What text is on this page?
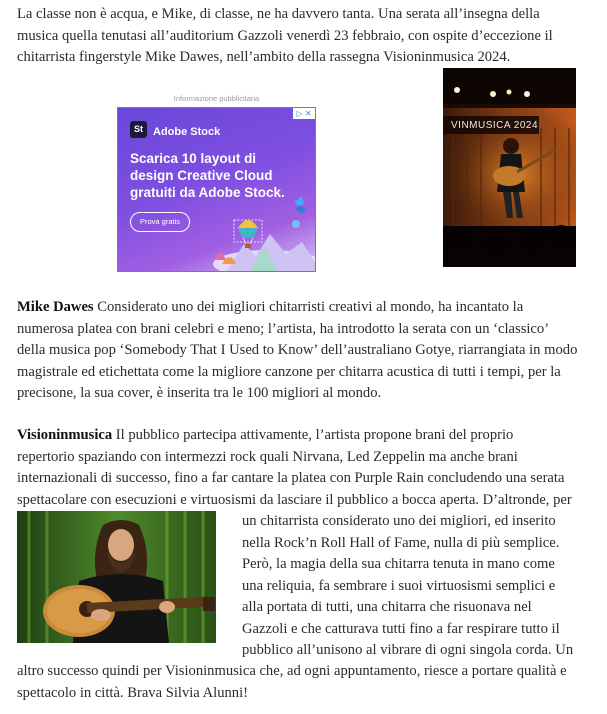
La classe non è acqua, e Mike, di classe, ne ha davvero tanta. Una serata all’insegna della
musica quella tenutasi all’auditorium Gazzoli venerdì 23 febbraio, con ospite d’eccezione il
chitarrista fingerstyle Mike Dawes, nell’ambito della rassegna Visioninmusica 2024.
Informazione pubblicitaria
▷ ✕
St Adobe Stock
Scarica 10 layout di design Creative Cloud gratuiti da Adobe Stock.
Prova gratis
VINMUSICA 2024
Mike Dawes Considerato uno dei migliori chitarristi creativi al mondo, ha incantato la
numerosa platea con brani celebri e meno; l’artista, ha introdotto la serata con un ‘classico’
della musica pop ‘Somebody That I Used to Know’ dell’australiano Gotye, riarrangiata in modo
magistrale ed etichettata come la migliore canzone per chitarra acustica di tutti i tempi, per la
precisone, la sua cover, è inserita tra le 100 migliori al mondo.
Visioninmusica Il pubblico partecipa attivamente, l’artista propone brani del proprio
repertorio spaziando con intermezzi rock quali Nirvana, Led Zeppelin ma anche brani
internazionali di successo, fino a far cantare la platea con Purple Rain concludendo una serata
spettacolare con esecuzioni e virtuosismi da lasciare il pubblico a bocca aperta. D’altronde, per
un chitarrista considerato uno dei migliori, ed inserito
nella Rock’n Roll Hall of Fame, nulla di più semplice.
Però, la magia della sua chitarra tenuta in mano come
una reliquia, fa sembrare i suoi virtuosismi semplici e
alla portata di tutti, una chitarra che risuonava nel
Gazzoli e che catturava tutti fino a far respirare tutto il
pubblico all’unisono al vibrare di ogni singola corda. Un
altro successo quindi per Visioninmusica che, ad ogni appuntamento, riesce a portare qualità e
spettacolo in città. Brava Silvia Alunni!
